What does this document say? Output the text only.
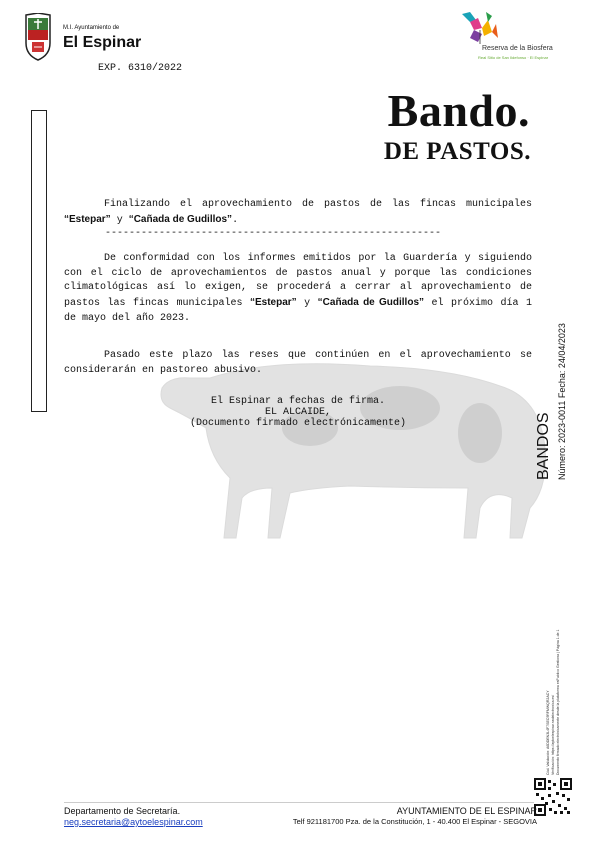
M.I. Ayuntamiento de
El Espinar
EXP. 6310/2022
Reserva de la Biosfera
Real Sitio de San Ildefonso · El Espinar
Bando.
DE PASTOS.
Finalizando el aprovechamiento de pastos de las fincas municipales “Estepar” y “Cañada de Gudillos”.
--------------------------------------------------------
De conformidad con los informes emitidos por la Guardería y siguiendo con el ciclo de aprovechamientos de pastos anual y porque las condiciones climatológicas así lo exigen, se procederá a cerrar al aprovechamiento de pastos las fincas municipales “Estepar” y “Cañada de Gudillos” el próximo día 1 de mayo del año 2023.
Pasado este plazo las reses que continúen en el aprovechamiento se considerarán en pastoreo abusivo.
El Espinar a fechas de firma.
EL ALCAIDE,
(Documento firmado electrónicamente)	BANDOS Número: 2023-0011 Fecha: 24/04/2023
Cód. Validación: A6DDEN3L4F7SEC9RFMWQR2ACY Verificación: https://aytoelespinar.sedelectronica.es/ Documento firmado electrónicamente desde la plataforma esPublico Gestiona | Página 1 de 1
Departamento de Secretaría.
neg.secretaria@aytoelespinar.com
AYUNTAMIENTO DE EL ESPINAR
Telf 921181700 Pza. de la Constitución, 1 - 40.400 El Espinar - SEGOVIA
